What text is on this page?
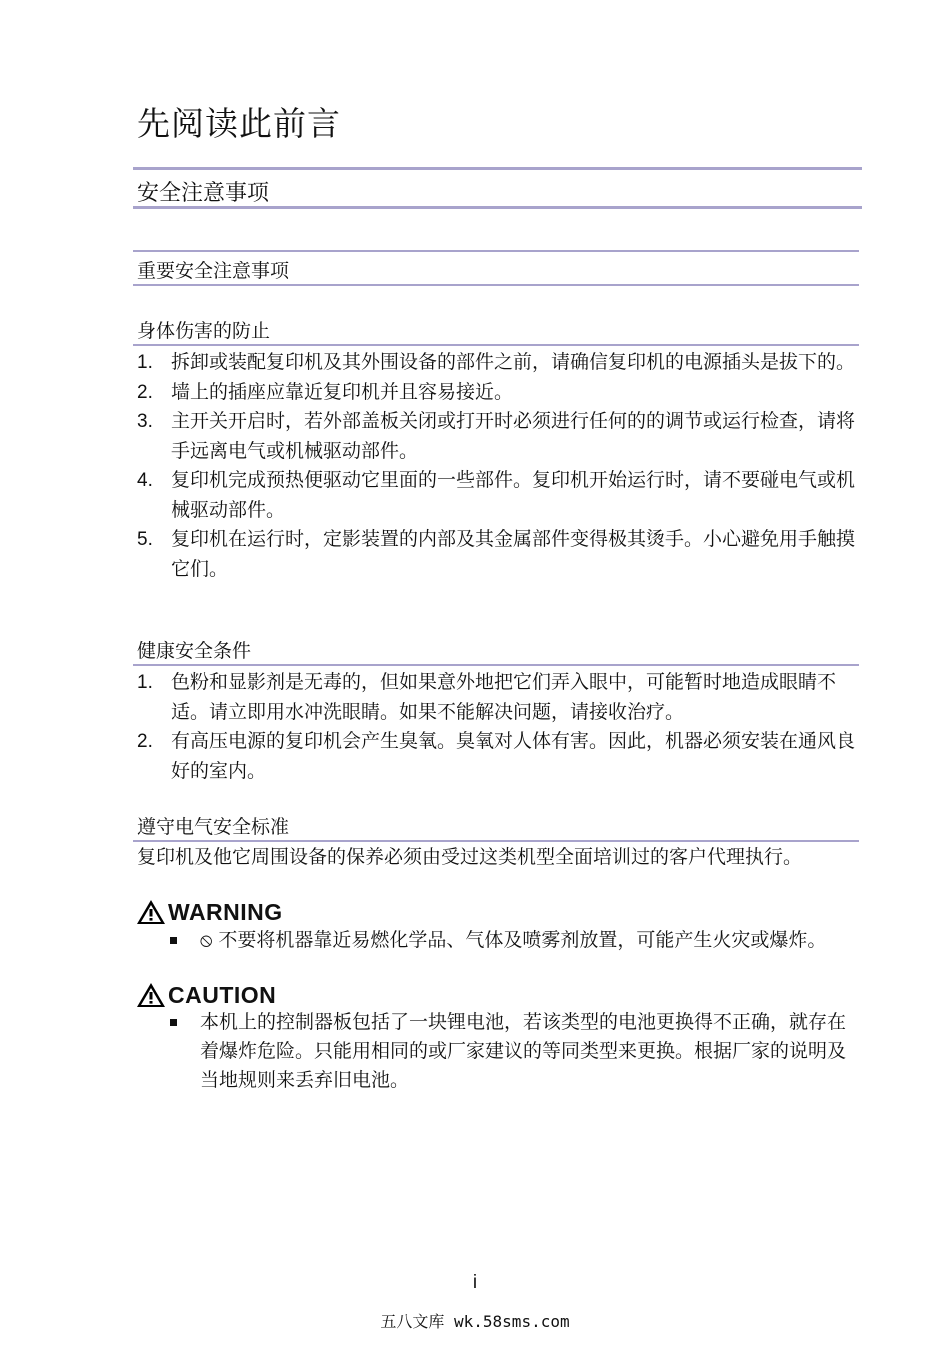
先阅读此前言
安全注意事项
重要安全注意事项
身体伤害的防止
1. 拆卸或装配复印机及其外围设备的部件之前，请确信复印机的电源插头是拔下的。
2. 墙上的插座应靠近复印机并且容易接近。
3. 主开关开启时，若外部盖板关闭或打开时必须进行任何的的调节或运行检查，请将手远离电气或机械驱动部件。
4. 复印机完成预热便驱动它里面的一些部件。复印机开始运行时，请不要碰电气或机械驱动部件。
5. 复印机在运行时，定影装置的内部及其金属部件变得极其烫手。小心避免用手触摸它们。
健康安全条件
1. 色粉和显影剂是无毒的，但如果意外地把它们弄入眼中，可能暂时地造成眼睛不适。请立即用水冲洗眼睛。如果不能解决问题，请接收治疗。
2. 有高压电源的复印机会产生臭氧。臭氧对人体有害。因此，机器必须安装在通风良好的室内。
遵守电气安全标准
复印机及他它周围设备的保养必须由受过这类机型全面培训过的客户代理执行。
WARNING
⦸ 不要将机器靠近易燃化学品、气体及喷雾剂放置，可能产生火灾或爆炸。
CAUTION
本机上的控制器板包括了一块锂电池，若该类型的电池更换得不正确，就存在着爆炸危险。只能用相同的或厂家建议的等同类型来更换。根据厂家的说明及当地规则来丢弃旧电池。
i
五八文库 wk.58sms.com
